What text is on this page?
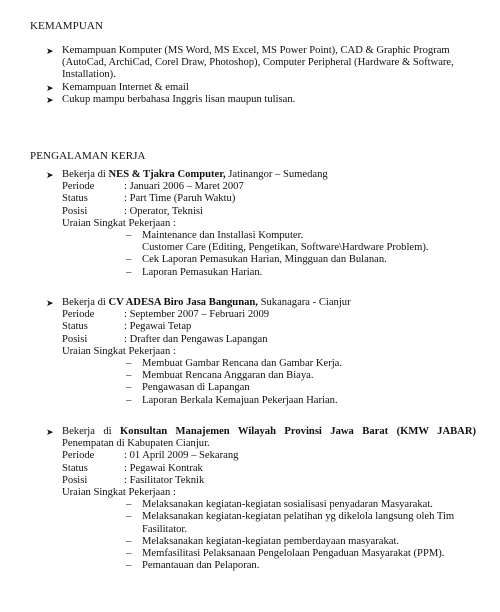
KEMAMPUAN
➤ Kemampuan Komputer (MS Word, MS Excel, MS Power Point), CAD & Graphic Program (AutoCad, ArchiCad, Corel Draw, Photoshop), Computer Peripheral (Hardware & Software, Installation).
➤ Kemampuan Internet & email
➤ Cukup mampu berbahasa Inggris lisan maupun tulisan.
PENGALAMAN KERJA
➤ Bekerja di NES & Tjakra Computer, Jatinangor – Sumedang
Periode	: Januari 2006 – Maret 2007
Status	: Part Time (Paruh Waktu)
Posisi	: Operator, Teknisi
Uraian Singkat Pekerjaan :
– Maintenance dan Installasi Komputer.
Customer Care (Editing, Pengetikan, Software\Hardware Problem).
– Cek Laporan Pemasukan Harian, Mingguan dan Bulanan.
– Laporan Pemasukan Harian.
➤ Bekerja di CV ADESA Biro Jasa Bangunan, Sukanagara - Cianjur
Periode	: September 2007 – Februari 2009
Status	: Pegawai Tetap
Posisi	: Drafter dan Pengawas Lapangan
Uraian Singkat Pekerjaan :
– Membuat Gambar Rencana dan Gambar Kerja.
– Membuat Rencana Anggaran dan Biaya.
– Pengawasan di Lapangan
– Laporan Berkala Kemajuan Pekerjaan Harian.
➤ Bekerja di Konsultan Manajemen Wilayah Provinsi Jawa Barat (KMW JABAR)
Penempatan di Kabupaten Cianjur.
Periode	: 01 April 2009 – Sekarang
Status	: Pegawai Kontrak
Posisi	: Fasilitator Teknik
Uraian Singkat Pekerjaan :
– Melaksanakan kegiatan-kegiatan sosialisasi penyadaran Masyarakat.
– Melaksanakan kegiatan-kegiatan pelatihan yg dikelola langsung oleh Tim Fasilitator.
– Melaksanakan kegiatan-kegiatan pemberdayaan masyarakat.
– Memfasilitasi Pelaksanaan Pengelolaan Pengaduan Masyarakat (PPM).
– Pemantauan dan Pelaporan.
